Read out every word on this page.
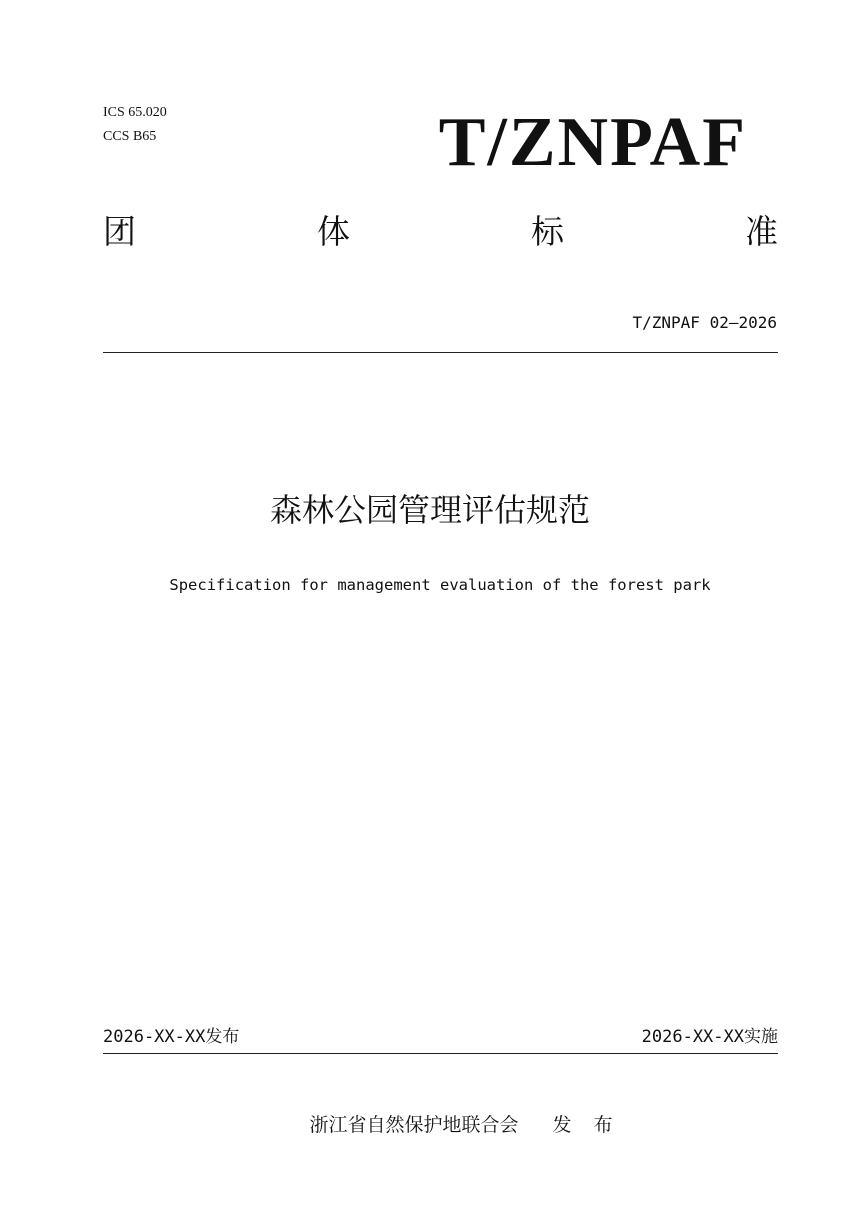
ICS 65.020
CCS B65	T/ZNPAF
团	体	标	准
T/ZNPAF 02—2026
森林公园管理评估规范
Specification for management evaluation of the forest park
2026-XX-XX发布	2026-XX-XX实施
浙江省自然保护地联合会 发 布
